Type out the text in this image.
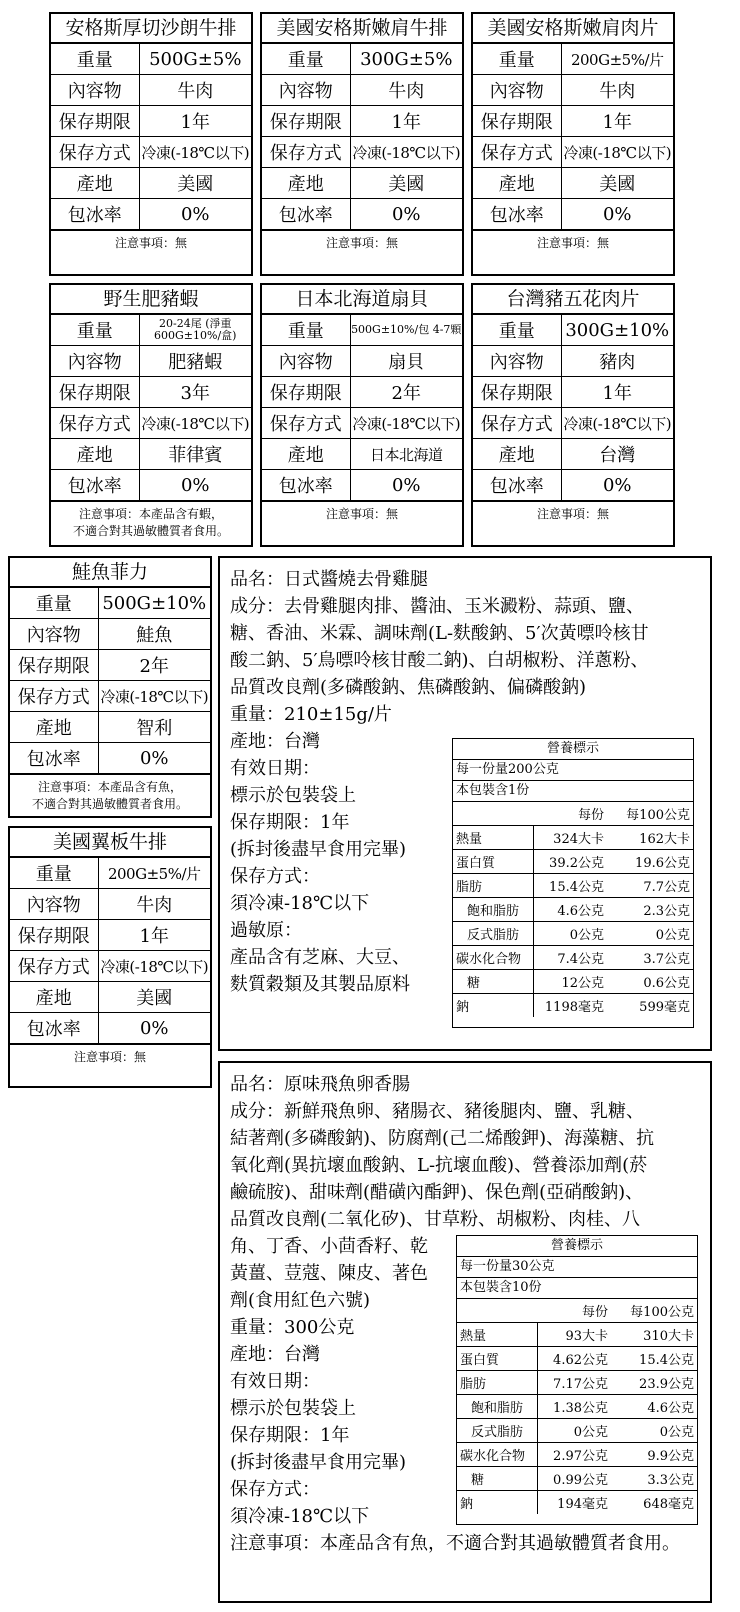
安格斯厚切沙朗牛排
重量	500G±5%
內容物	牛肉
保存期限	1年
保存方式	冷凍(-18℃以下)
產地	美國
包冰率	0%
注意事項：無
美國安格斯嫩肩牛排
重量	300G±5%
內容物	牛肉
保存期限	1年
保存方式	冷凍(-18℃以下)
產地	美國
包冰率	0%
注意事項：無
美國安格斯嫩肩肉片
重量	200G±5%/片
內容物	牛肉
保存期限	1年
保存方式	冷凍(-18℃以下)
產地	美國
包冰率	0%
注意事項：無
野生肥豬蝦
重量	20-24尾 (淨重600G±10%/盒)
內容物	肥豬蝦
保存期限	3年
保存方式	冷凍(-18℃以下)
產地	菲律賓
包冰率	0%
注意事項：本產品含有蝦，
不適合對其過敏體質者食用。
日本北海道扇貝
重量	500G±10%/包 4-7顆
內容物	扇貝
保存期限	2年
保存方式	冷凍(-18℃以下)
產地	日本北海道
包冰率	0%
注意事項：無
台灣豬五花肉片
重量	300G±10%
內容物	豬肉
保存期限	1年
保存方式	冷凍(-18℃以下)
產地	台灣
包冰率	0%
注意事項：無
鮭魚菲力
重量	500G±10%
內容物	鮭魚
保存期限	2年
保存方式	冷凍(-18℃以下)
產地	智利
包冰率	0%
注意事項：本產品含有魚，
不適合對其過敏體質者食用。
美國翼板牛排
重量	200G±5%/片
內容物	牛肉
保存期限	1年
保存方式	冷凍(-18℃以下)
產地	美國
包冰率	0%
注意事項：無
品名：日式醬燒去骨雞腿
成分：去骨雞腿肉排、醬油、玉米澱粉、蒜頭、鹽、
糖、香油、米霖、調味劑(L-麩酸鈉、5′次黃嘌呤核甘
酸二鈉、5′鳥嘌呤核甘酸二鈉)、白胡椒粉、洋蔥粉、
品質改良劑(多磷酸鈉、焦磷酸鈉、偏磷酸鈉)
重量：210±15g/片
產地：台灣
有效日期：
標示於包裝袋上
保存期限：1年
(拆封後盡早食用完畢)
保存方式：
須冷凍-18℃以下
過敏原：
產品含有芝麻、大豆、
麩質穀類及其製品原料
營養標示
每一份量200公克
本包裝含1份
	每份	每100公克
熱量	324大卡	162大卡
蛋白質	39.2公克	19.6公克
脂肪	15.4公克	7.7公克
飽和脂肪	4.6公克	2.3公克
反式脂肪	0公克	0公克
碳水化合物	7.4公克	3.7公克
糖	12公克	0.6公克
鈉	1198毫克	599毫克
品名：原味飛魚卵香腸
成分：新鮮飛魚卵、豬腸衣、豬後腿肉、鹽、乳糖、
結著劑(多磷酸鈉)、防腐劑(己二烯酸鉀)、海藻糖、抗
氧化劑(異抗壞血酸鈉、L-抗壞血酸)、營養添加劑(菸
鹼硫胺)、甜味劑(醋磺內酯鉀)、保色劑(亞硝酸鈉)、
品質改良劑(二氧化矽)、甘草粉、胡椒粉、肉桂、八
角、丁香、小茴香籽、乾
黃薑、荳蔻、陳皮、著色
劑(食用紅色六號)
重量：300公克
產地：台灣
有效日期：
標示於包裝袋上
保存期限：1年
(拆封後盡早食用完畢)
保存方式：
須冷凍-18℃以下
注意事項：本產品含有魚，不適合對其過敏體質者食用。
營養標示
每一份量30公克
本包裝含10份
	每份	每100公克
熱量	93大卡	310大卡
蛋白質	4.62公克	15.4公克
脂肪	7.17公克	23.9公克
飽和脂肪	1.38公克	4.6公克
反式脂肪	0公克	0公克
碳水化合物	2.97公克	9.9公克
糖	0.99公克	3.3公克
鈉	194毫克	648毫克
